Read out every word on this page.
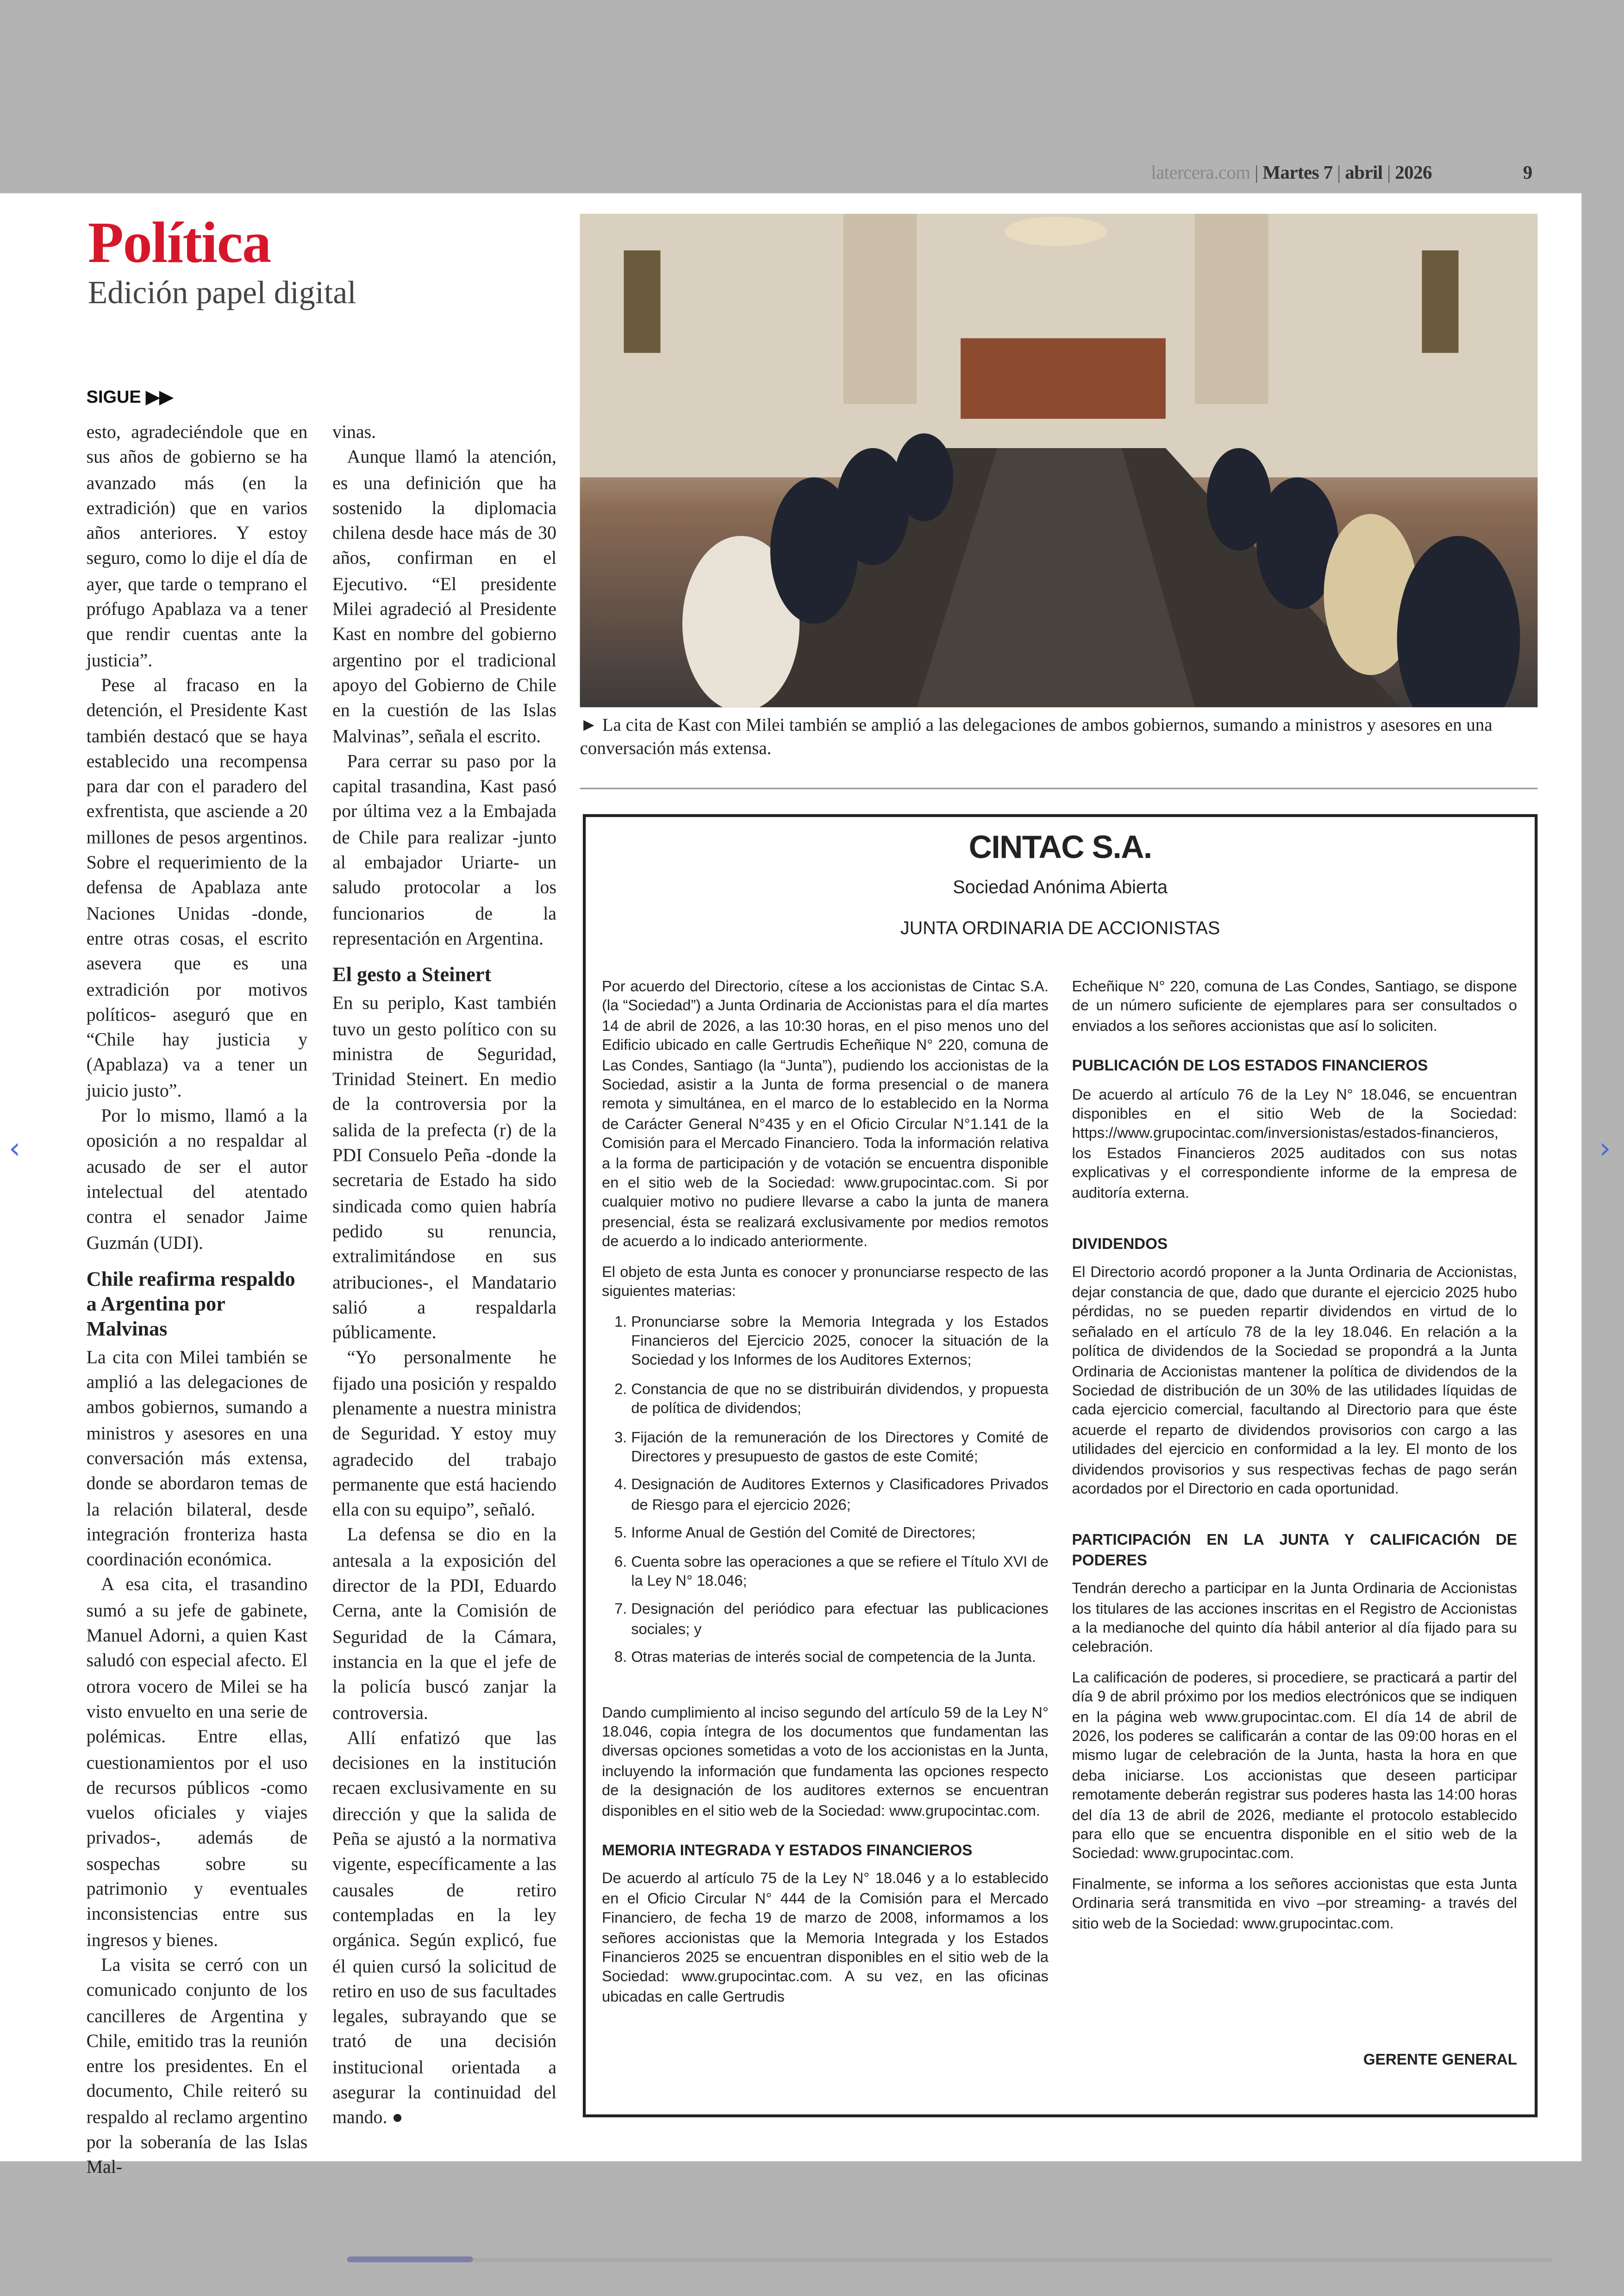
latercera.com | Martes 7 | abril | 2026	9
Política
Edición papel digital
SIGUE ▶▶

esto, agradeciéndole que en sus años de gobierno se ha avanzado más (en la extradición) que en varios años anteriores. Y estoy seguro, como lo dije el día de ayer, que tarde o temprano el prófugo Apablaza va a tener que rendir cuentas ante la justicia”.

Pese al fracaso en la detención, el Presidente Kast también destacó que se haya establecido una recompensa para dar con el paradero del exfrentista, que asciende a 20 millones de pesos argentinos. Sobre el requerimiento de la defensa de Apablaza ante Naciones Unidas -donde, entre otras cosas, el escrito asevera que es una extradición por motivos políticos- aseguró que en “Chile hay justicia y (Apablaza) va a tener un juicio justo”.

Por lo mismo, llamó a la oposición a no respaldar al acusado de ser el autor intelectual del atentado contra el senador Jaime Guzmán (UDI).

Chile reafirma respaldo a Argentina por Malvinas

La cita con Milei también se amplió a las delegaciones de ambos gobiernos, sumando a ministros y asesores en una conversación más extensa, donde se abordaron temas de la relación bilateral, desde integración fronteriza hasta coordinación económica.

A esa cita, el trasandino sumó a su jefe de gabinete, Manuel Adorni, a quien Kast saludó con especial afecto. El otrora vocero de Milei se ha visto envuelto en una serie de polémicas. Entre ellas, cuestionamientos por el uso de recursos públicos -como vuelos oficiales y viajes privados-, además de sospechas sobre su patrimonio y eventuales inconsistencias entre sus ingresos y bienes.

La visita se cerró con un comunicado conjunto de los cancilleres de Argentina y Chile, emitido tras la reunión entre los presidentes. En el documento, Chile reiteró su respaldo al reclamo argentino por la soberanía de las Islas Mal-

vinas.

Aunque llamó la atención, es una definición que ha sostenido la diplomacia chilena desde hace más de 30 años, confirman en el Ejecutivo. “El presidente Milei agradeció al Presidente Kast en nombre del gobierno argentino por el tradicional apoyo del Gobierno de Chile en la cuestión de las Islas Malvinas”, señala el escrito.

Para cerrar su paso por la capital trasandina, Kast pasó por última vez a la Embajada de Chile para realizar -junto al embajador Uriarte- un saludo protocolar a los funcionarios de la representación en Argentina.

El gesto a Steinert

En su periplo, Kast también tuvo un gesto político con su ministra de Seguridad, Trinidad Steinert. En medio de la controversia por la salida de la prefecta (r) de la PDI Consuelo Peña -donde la secretaria de Estado ha sido sindicada como quien habría pedido su renuncia, extralimitándose en sus atribuciones-, el Mandatario salió a respaldarla públicamente.

“Yo personalmente he fijado una posición y respaldo plenamente a nuestra ministra de Seguridad. Y estoy muy agradecido del trabajo permanente que está haciendo ella con su equipo”, señaló.

La defensa se dio en la antesala a la exposición del director de la PDI, Eduardo Cerna, ante la Comisión de Seguridad de la Cámara, instancia en la que el jefe de la policía buscó zanjar la controversia.

Allí enfatizó que las decisiones en la institución recaen exclusivamente en su dirección y que la salida de Peña se ajustó a la normativa vigente, específicamente a las causales de retiro contempladas en la ley orgánica. Según explicó, fue él quien cursó la solicitud de retiro en uso de sus facultades legales, subrayando que se trató de una decisión institucional orientada a asegurar la continuidad del mando. ●

► La cita de Kast con Milei también se amplió a las delegaciones de ambos gobiernos, sumando a ministros y asesores en una conversación más extensa.
CINTAC S.A.
Sociedad Anónima Abierta
JUNTA ORDINARIA DE ACCIONISTAS

Por acuerdo del Directorio, cítese a los accionistas de Cintac S.A. (la “Sociedad”) a Junta Ordinaria de Accionistas para el día martes 14 de abril de 2026, a las 10:30 horas, en el piso menos uno del Edificio ubicado en calle Gertrudis Echeñique N° 220, comuna de Las Condes, Santiago (la “Junta”), pudiendo los accionistas de la Sociedad, asistir a la Junta de forma presencial o de manera remota y simultánea, en el marco de lo establecido en la Norma de Carácter General N°435 y en el Oficio Circular N°1.141 de la Comisión para el Mercado Financiero. Toda la información relativa a la forma de participación y de votación se encuentra disponible en el sitio web de la Sociedad: www.grupocintac.com. Si por cualquier motivo no pudiere llevarse a cabo la junta de manera presencial, ésta se realizará exclusivamente por medios remotos de acuerdo a lo indicado anteriormente.

El objeto de esta Junta es conocer y pronunciarse respecto de las siguientes materias:

1. Pronunciarse sobre la Memoria Integrada y los Estados Financieros del Ejercicio 2025, conocer la situación de la Sociedad y los Informes de los Auditores Externos;
2. Constancia de que no se distribuirán dividendos, y propuesta de política de dividendos;
3. Fijación de la remuneración de los Directores y Comité de Directores y presupuesto de gastos de este Comité;
4. Designación de Auditores Externos y Clasificadores Privados de Riesgo para el ejercicio 2026;
5. Informe Anual de Gestión del Comité de Directores;
6. Cuenta sobre las operaciones a que se refiere el Título XVI de la Ley N° 18.046;
7. Designación del periódico para efectuar las publicaciones sociales; y
8. Otras materias de interés social de competencia de la Junta.

Dando cumplimiento al inciso segundo del artículo 59 de la Ley N° 18.046, copia íntegra de los documentos que fundamentan las diversas opciones sometidas a voto de los accionistas en la Junta, incluyendo la información que fundamenta las opciones respecto de la designación de los auditores externos se encuentran disponibles en el sitio web de la Sociedad: www.grupocintac.com.

MEMORIA INTEGRADA Y ESTADOS FINANCIEROS

De acuerdo al artículo 75 de la Ley N° 18.046 y a lo establecido en el Oficio Circular N° 444 de la Comisión para el Mercado Financiero, de fecha 19 de marzo de 2008, informamos a los señores accionistas que la Memoria Integrada y los Estados Financieros 2025 se encuentran disponibles en el sitio web de la Sociedad: www.grupocintac.com. A su vez, en las oficinas ubicadas en calle Gertrudis

Echeñique N° 220, comuna de Las Condes, Santiago, se dispone de un número suficiente de ejemplares para ser consultados o enviados a los señores accionistas que así lo soliciten.

PUBLICACIÓN DE LOS ESTADOS FINANCIEROS

De acuerdo al artículo 76 de la Ley N° 18.046, se encuentran disponibles en el sitio Web de la Sociedad: https://www.grupocintac.com/inversionistas/estados-financieros, los Estados Financieros 2025 auditados con sus notas explicativas y el correspondiente informe de la empresa de auditoría externa.

DIVIDENDOS

El Directorio acordó proponer a la Junta Ordinaria de Accionistas, dejar constancia de que, dado que durante el ejercicio 2025 hubo pérdidas, no se pueden repartir dividendos en virtud de lo señalado en el artículo 78 de la ley 18.046. En relación a la política de dividendos de la Sociedad se propondrá a la Junta Ordinaria de Accionistas mantener la política de dividendos de la Sociedad de distribución de un 30% de las utilidades líquidas de cada ejercicio comercial, facultando al Directorio para que éste acuerde el reparto de dividendos provisorios con cargo a las utilidades del ejercicio en conformidad a la ley. El monto de los dividendos provisorios y sus respectivas fechas de pago serán acordados por el Directorio en cada oportunidad.

PARTICIPACIÓN EN LA JUNTA Y CALIFICACIÓN DE PODERES

Tendrán derecho a participar en la Junta Ordinaria de Accionistas los titulares de las acciones inscritas en el Registro de Accionistas a la medianoche del quinto día hábil anterior al día fijado para su celebración.

La calificación de poderes, si procediere, se practicará a partir del día 9 de abril próximo por los medios electrónicos que se indiquen en la página web www.grupocintac.com. El día 14 de abril de 2026, los poderes se calificarán a contar de las 09:00 horas en el mismo lugar de celebración de la Junta, hasta la hora en que deba iniciarse. Los accionistas que deseen participar remotamente deberán registrar sus poderes hasta las 14:00 horas del día 13 de abril de 2026, mediante el protocolo establecido para ello que se encuentra disponible en el sitio web de la Sociedad: www.grupocintac.com.

Finalmente, se informa a los señores accionistas que esta Junta Ordinaria será transmitida en vivo –por streaming- a través del sitio web de la Sociedad: www.grupocintac.com.

GERENTE GENERAL
‹	›
